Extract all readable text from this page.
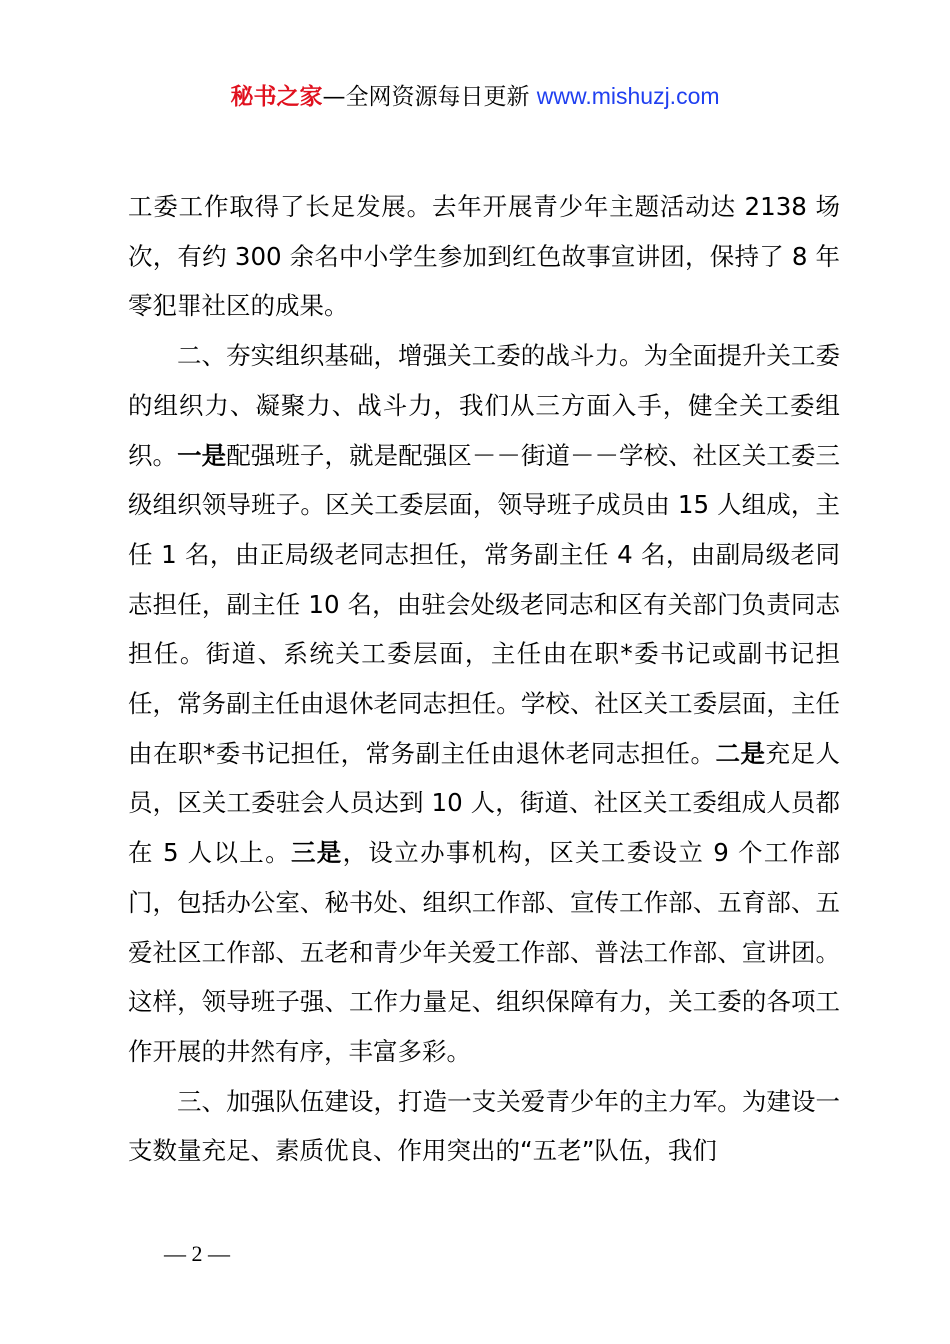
秘书之家—全网资源每日更新 www.mishuzj.com

工委工作取得了长足发展。去年开展青少年主题活动达 2138 场次，有约 300 余名中小学生参加到红色故事宣讲团，保持了 8 年零犯罪社区的成果。

二、夯实组织基础，增强关工委的战斗力。为全面提升关工委的组织力、凝聚力、战斗力，我们从三方面入手，健全关工委组织。一是配强班子，就是配强区－－街道－－学校、社区关工委三级组织领导班子。区关工委层面，领导班子成员由 15 人组成，主任 1 名，由正局级老同志担任，常务副主任 4 名，由副局级老同志担任，副主任 10 名，由驻会处级老同志和区有关部门负责同志担任。街道、系统关工委层面，主任由在职*委书记或副书记担任，常务副主任由退休老同志担任。学校、社区关工委层面，主任由在职*委书记担任，常务副主任由退休老同志担任。二是充足人员，区关工委驻会人员达到 10 人，街道、社区关工委组成人员都在 5 人以上。三是，设立办事机构，区关工委设立 9 个工作部门，包括办公室、秘书处、组织工作部、宣传工作部、五育部、五爱社区工作部、五老和青少年关爱工作部、普法工作部、宣讲团。这样，领导班子强、工作力量足、组织保障有力，关工委的各项工作开展的井然有序，丰富多彩。

三、加强队伍建设，打造一支关爱青少年的主力军。为建设一支数量充足、素质优良、作用突出的“五老”队伍，我们

— 2 —
